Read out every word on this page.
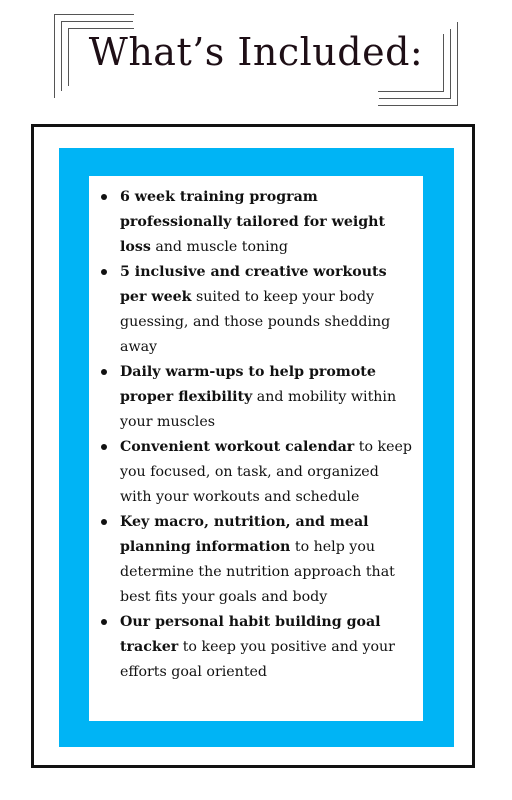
What’s Included:
6 week training program professionally tailored for weight loss and muscle toning
5 inclusive and creative workouts per week suited to keep your body guessing, and those pounds shedding away
Daily warm-ups to help promote proper flexibility and mobility within your muscles
Convenient workout calendar to keep you focused, on task, and organized with your workouts and schedule
Key macro, nutrition, and meal planning information to help you determine the nutrition approach that best fits your goals and body
Our personal habit building goal tracker to keep you positive and your efforts goal oriented
